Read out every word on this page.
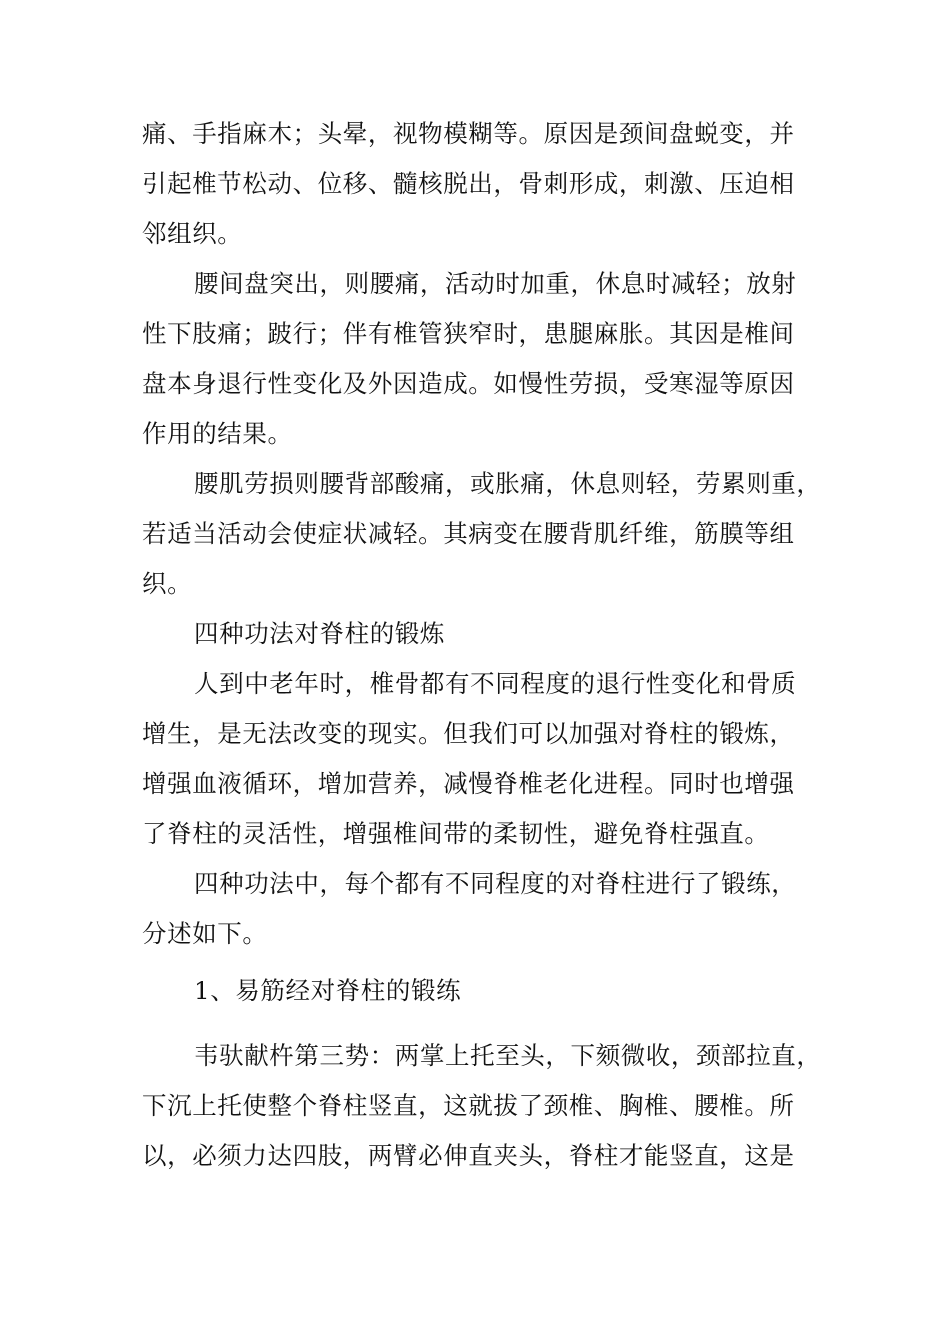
痛、手指麻木；头晕，视物模糊等。原因是颈间盘蜕变，并
引起椎节松动、位移、髓核脱出，骨刺形成，刺激、压迫相
邻组织。
腰间盘突出，则腰痛，活动时加重，休息时减轻；放射
性下肢痛；跛行；伴有椎管狭窄时，患腿麻胀。其因是椎间
盘本身退行性变化及外因造成。如慢性劳损，受寒湿等原因
作用的结果。
腰肌劳损则腰背部酸痛，或胀痛，休息则轻，劳累则重，
若适当活动会使症状减轻。其病变在腰背肌纤维，筋膜等组
织。
四种功法对脊柱的锻炼
人到中老年时，椎骨都有不同程度的退行性变化和骨质
增生，是无法改变的现实。但我们可以加强对脊柱的锻炼，
增强血液循环，增加营养，减慢脊椎老化进程。同时也增强
了脊柱的灵活性，增强椎间带的柔韧性，避免脊柱强直。
四种功法中，每个都有不同程度的对脊柱进行了锻练，
分述如下。
1、易筋经对脊柱的锻练
韦驮献杵第三势：两掌上托至头，下颏微收，颈部拉直，
下沉上托使整个脊柱竖直，这就拔了颈椎、胸椎、腰椎。所
以，必须力达四肢，两臂必伸直夹头，脊柱才能竖直，这是
